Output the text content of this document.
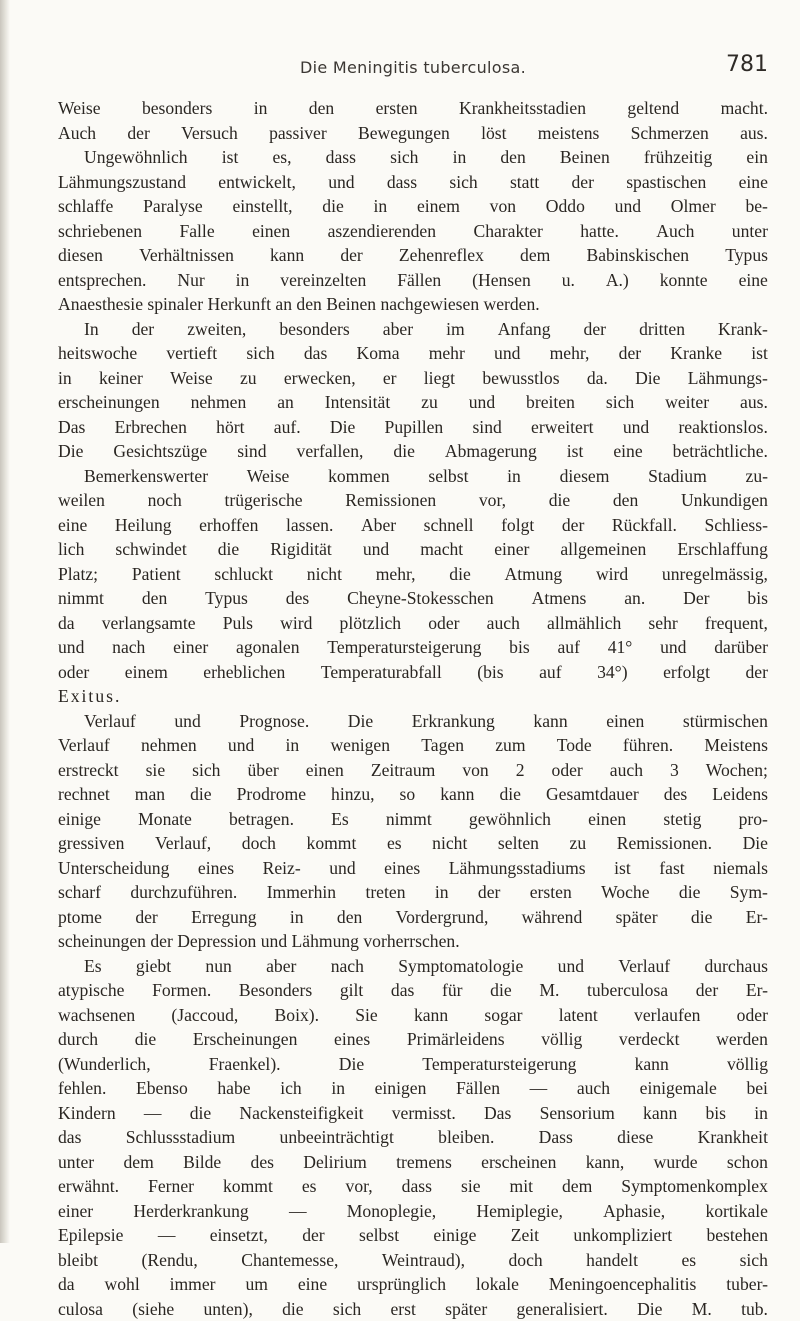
Die Meningitis tuberculosa.	781
Weise besonders in den ersten Krankheitsstadien geltend macht.
Auch der Versuch passiver Bewegungen löst meistens Schmerzen aus.
Ungewöhnlich ist es, dass sich in den Beinen frühzeitig ein
Lähmungszustand entwickelt, und dass sich statt der spastischen eine
schlaffe Paralyse einstellt, die in einem von Oddo und Olmer be-
schriebenen Falle einen aszendierenden Charakter hatte. Auch unter
diesen Verhältnissen kann der Zehenreflex dem Babinskischen Typus
entsprechen. Nur in vereinzelten Fällen (Hensen u. A.) konnte eine
Anaesthesie spinaler Herkunft an den Beinen nachgewiesen werden.
In der zweiten, besonders aber im Anfang der dritten Krank-
heitswoche vertieft sich das Koma mehr und mehr, der Kranke ist
in keiner Weise zu erwecken, er liegt bewusstlos da. Die Lähmungs-
erscheinungen nehmen an Intensität zu und breiten sich weiter aus.
Das Erbrechen hört auf. Die Pupillen sind erweitert und reaktionslos.
Die Gesichtszüge sind verfallen, die Abmagerung ist eine beträchtliche.
Bemerkenswerter Weise kommen selbst in diesem Stadium zu-
weilen noch trügerische Remissionen vor, die den Unkundigen
eine Heilung erhoffen lassen. Aber schnell folgt der Rückfall. Schliess-
lich schwindet die Rigidität und macht einer allgemeinen Erschlaffung
Platz; Patient schluckt nicht mehr, die Atmung wird unregelmässig,
nimmt den Typus des Cheyne-Stokesschen Atmens an. Der bis
da verlangsamte Puls wird plötzlich oder auch allmählich sehr frequent,
und nach einer agonalen Temperatursteigerung bis auf 41° und darüber
oder einem erheblichen Temperaturabfall (bis auf 34°) erfolgt der
Exitus.
Verlauf und Prognose. Die Erkrankung kann einen stürmischen
Verlauf nehmen und in wenigen Tagen zum Tode führen. Meistens
erstreckt sie sich über einen Zeitraum von 2 oder auch 3 Wochen;
rechnet man die Prodrome hinzu, so kann die Gesamtdauer des Leidens
einige Monate betragen. Es nimmt gewöhnlich einen stetig pro-
gressiven Verlauf, doch kommt es nicht selten zu Remissionen. Die
Unterscheidung eines Reiz- und eines Lähmungsstadiums ist fast niemals
scharf durchzuführen. Immerhin treten in der ersten Woche die Sym-
ptome der Erregung in den Vordergrund, während später die Er-
scheinungen der Depression und Lähmung vorherrschen.
Es giebt nun aber nach Symptomatologie und Verlauf durchaus
atypische Formen. Besonders gilt das für die M. tuberculosa der Er-
wachsenen (Jaccoud, Boix). Sie kann sogar latent verlaufen oder
durch die Erscheinungen eines Primärleidens völlig verdeckt werden
(Wunderlich,	Fraenkel).	Die	Temperatursteigerung	kann	völlig
fehlen. Ebenso habe ich in einigen Fällen — auch einigemale bei
Kindern — die Nackensteifigkeit vermisst. Das Sensorium kann bis in
das	Schlussstadium	unbeeinträchtigt	bleiben.	Dass	diese	Krankheit
unter dem Bilde des Delirium tremens erscheinen kann, wurde schon
erwähnt. Ferner kommt es vor, dass sie mit dem Symptomenkomplex
einer Herderkrankung — Monoplegie, Hemiplegie, Aphasie, kortikale
Epilepsie — einsetzt, der selbst einige Zeit unkompliziert bestehen
bleibt (Rendu, Chantemesse, Weintraud), doch handelt es sich
da wohl immer um eine ursprünglich lokale Meningoencephalitis tuber-
culosa (siehe unten), die sich erst später generalisiert. Die M. tub.
